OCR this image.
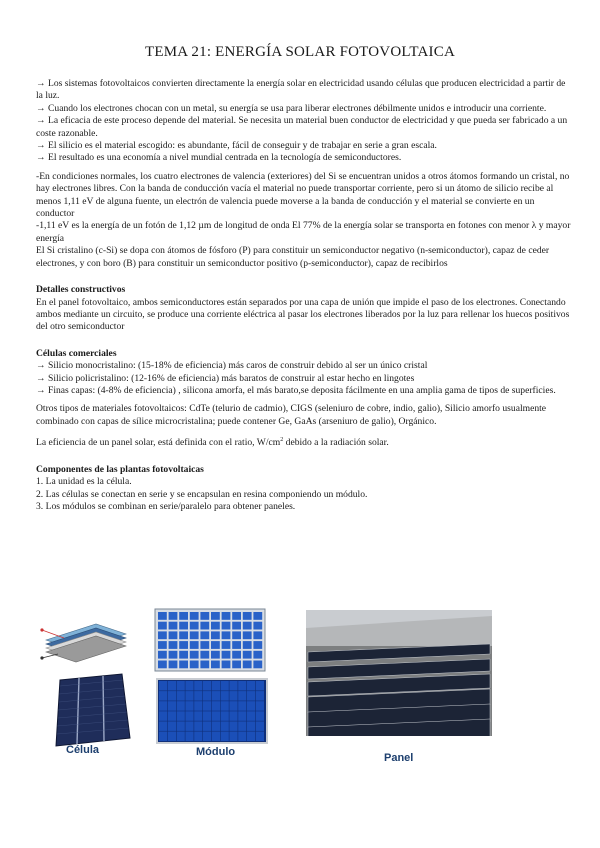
TEMA 21: ENERGÍA SOLAR FOTOVOLTAICA

→ Los sistemas fotovoltaicos convierten directamente la energía solar en electricidad usando células que producen electricidad a partir de la luz.

→ Cuando los electrones chocan con un metal, su energía se usa para liberar electrones débilmente unidos e introducir una corriente.

→ La eficacia de este proceso depende del material. Se necesita un material buen conductor de electricidad y que pueda ser fabricado a un coste razonable.

→ El silicio es el material escogido: es abundante, fácil de conseguir y de trabajar en serie a gran escala.

→ El resultado es una economía a nivel mundial centrada en la tecnología de semiconductores.

-En condiciones normales, los cuatro electrones de valencia (exteriores) del Si se encuentran unidos a otros átomos formando un cristal, no hay electrones libres. Con la banda de conducción vacía el material no puede transportar corriente, pero si un átomo de silicio recibe al menos 1,11 eV de alguna fuente, un electrón de valencia puede moverse a la banda de conducción y el material se convierte en un conductor

-1,11 eV es la energía de un fotón de 1,12 µm de longitud de onda El 77% de la energía solar se transporta en fotones con menor λ y mayor energía

El Si cristalino (c-Si) se dopa con átomos de fósforo (P) para constituir un semiconductor negativo (n-semiconductor), capaz de ceder electrones, y con boro (B) para constituir un semiconductor positivo (p-semiconductor), capaz de recibirlos

Detalles constructivos

En el panel fotovoltaico, ambos semiconductores están separados por una capa de unión que impide el paso de los electrones. Conectando ambos mediante un circuito, se produce una corriente eléctrica al pasar los electrones liberados por la luz para rellenar los huecos positivos del otro semiconductor

Células comerciales

→ Silicio monocristalino: (15-18% de eficiencia) más caros de construir debido al ser un único cristal

→ Silicio policristalino: (12-16% de eficiencia) más baratos de construir al estar hecho en lingotes

→ Finas capas: (4-8% de eficiencia) , silicona amorfa, el más barato,se deposita fácilmente en una amplia gama de tipos de superficies.

Otros tipos de materiales fotovoltaicos: CdTe (telurio de cadmio), CIGS (seleniuro de cobre, indio, galio), Silicio amorfo usualmente combinado con capas de sílice microcristalina; puede contener Ge, GaAs (arseniuro de galio), Orgánico.

La eficiencia de un panel solar, está definida con el ratio, $W/cm^2$ debido a la radiación solar.

Componentes de las plantas fotovoltaicas

1. La unidad es la célula.

2. Las células se conectan en serie y se encapsulan en resina componiendo un módulo.

3. Los módulos se combinan en serie/paralelo para obtener paneles.

Célula	Módulo	Panel
